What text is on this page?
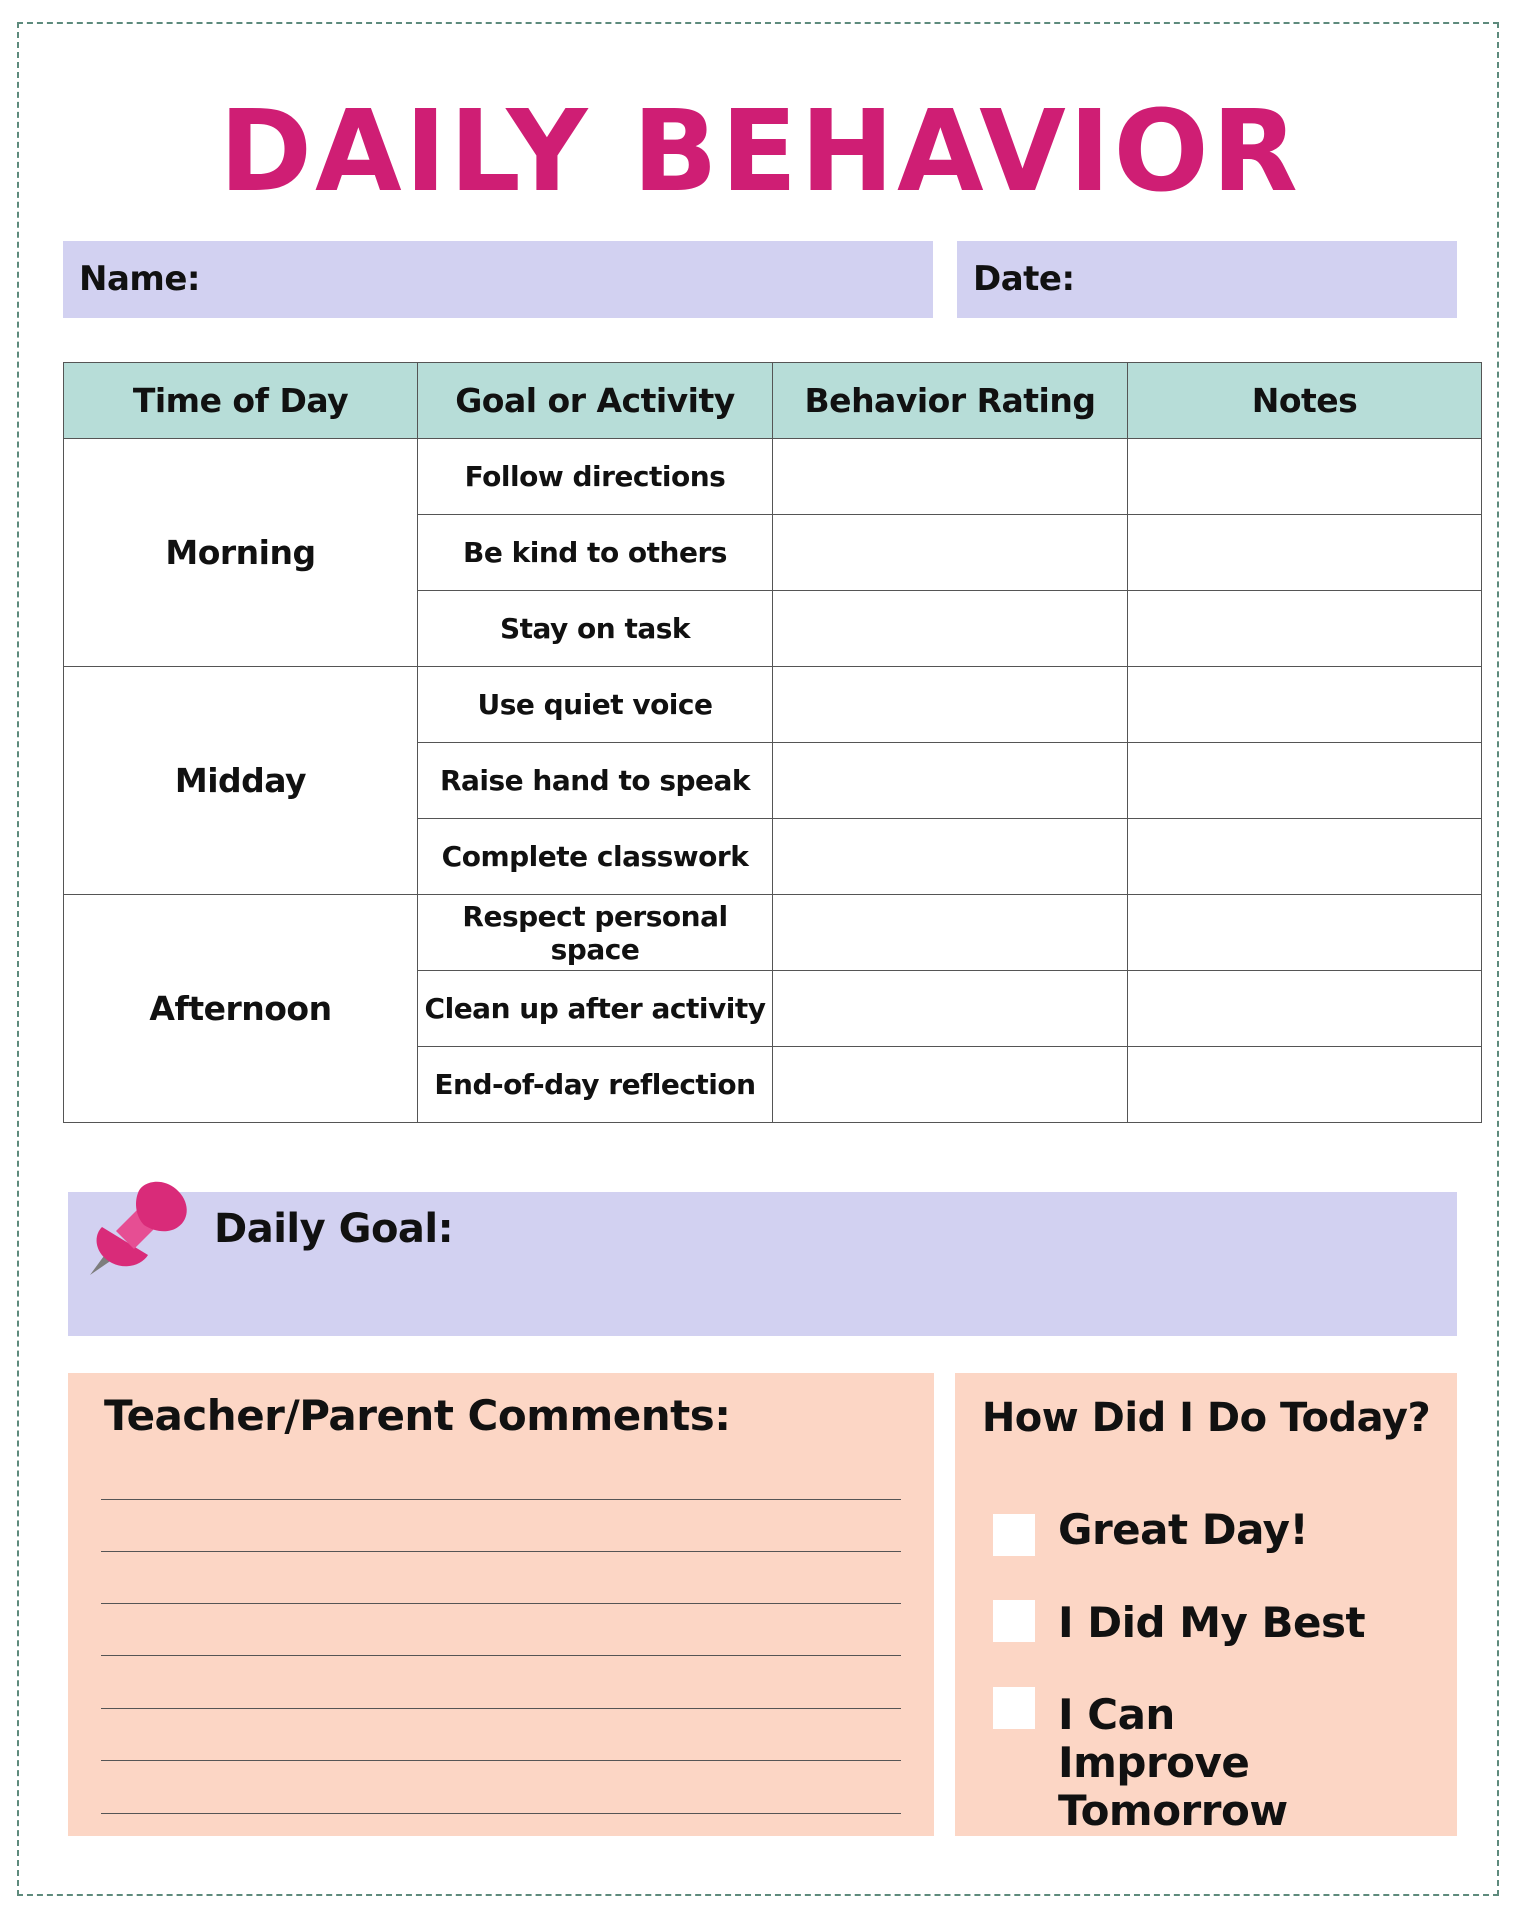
DAILY BEHAVIOR
Name:	Date:
Time of Day	Goal or Activity	Behavior Rating	Notes
Morning	Follow directions		
	Be kind to others		
	Stay on task		
Midday	Use quiet voice		
	Raise hand to speak		
	Complete classwork		
Afternoon	Respect personal space		
	Clean up after activity		
	End-of-day reflection		
Daily Goal:
Teacher/Parent Comments:	How Did I Do Today?
Great Day!
I Did My Best
I Can Improve Tomorrow
